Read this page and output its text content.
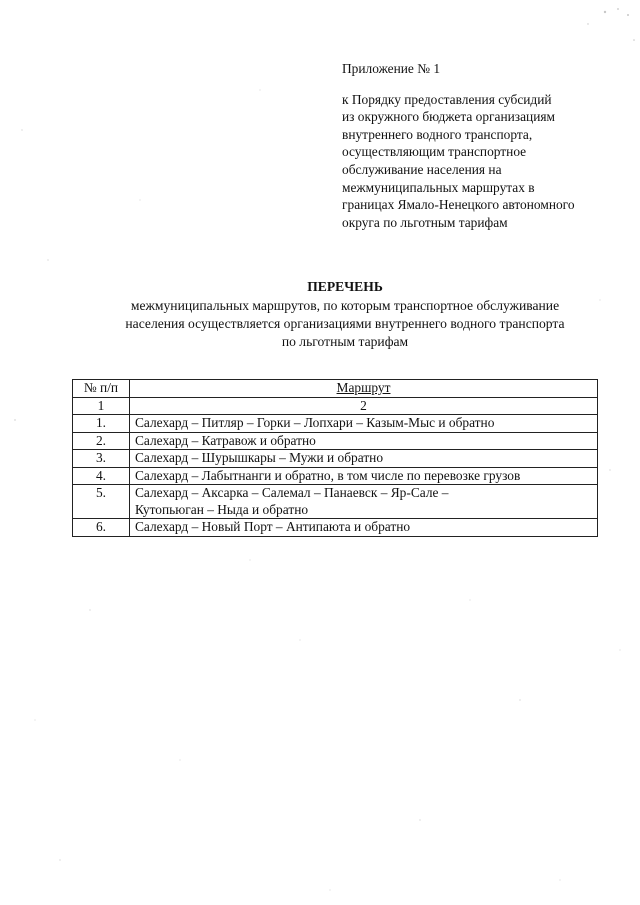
Приложение № 1
к Порядку предоставления субсидий
из окружного бюджета организациям
внутреннего водного транспорта,
осуществляющим транспортное
обслуживание населения на
межмуниципальных маршрутах в
границах Ямало-Ненецкого автономного
округа по льготным тарифам
ПЕРЕЧЕНЬ
межмуниципальных маршрутов, по которым транспортное обслуживание
населения осуществляется организациями внутреннего водного транспорта
по льготным тарифам
№ п/п	Маршрут
1	2
1.	Салехард – Питляр – Горки – Лопхари – Казым-Мыс и обратно
2.	Салехард – Катравож и обратно
3.	Салехард – Шурышкары – Мужи и обратно
4.	Салехард – Лабытнанги и обратно, в том числе по перевозке грузов
5.	Салехард – Аксарка – Салемал – Панаевск – Яр-Сале –
Кутопьюган – Ныда и обратно

6.	Салехард – Новый Порт – Антипаюта и обратно
